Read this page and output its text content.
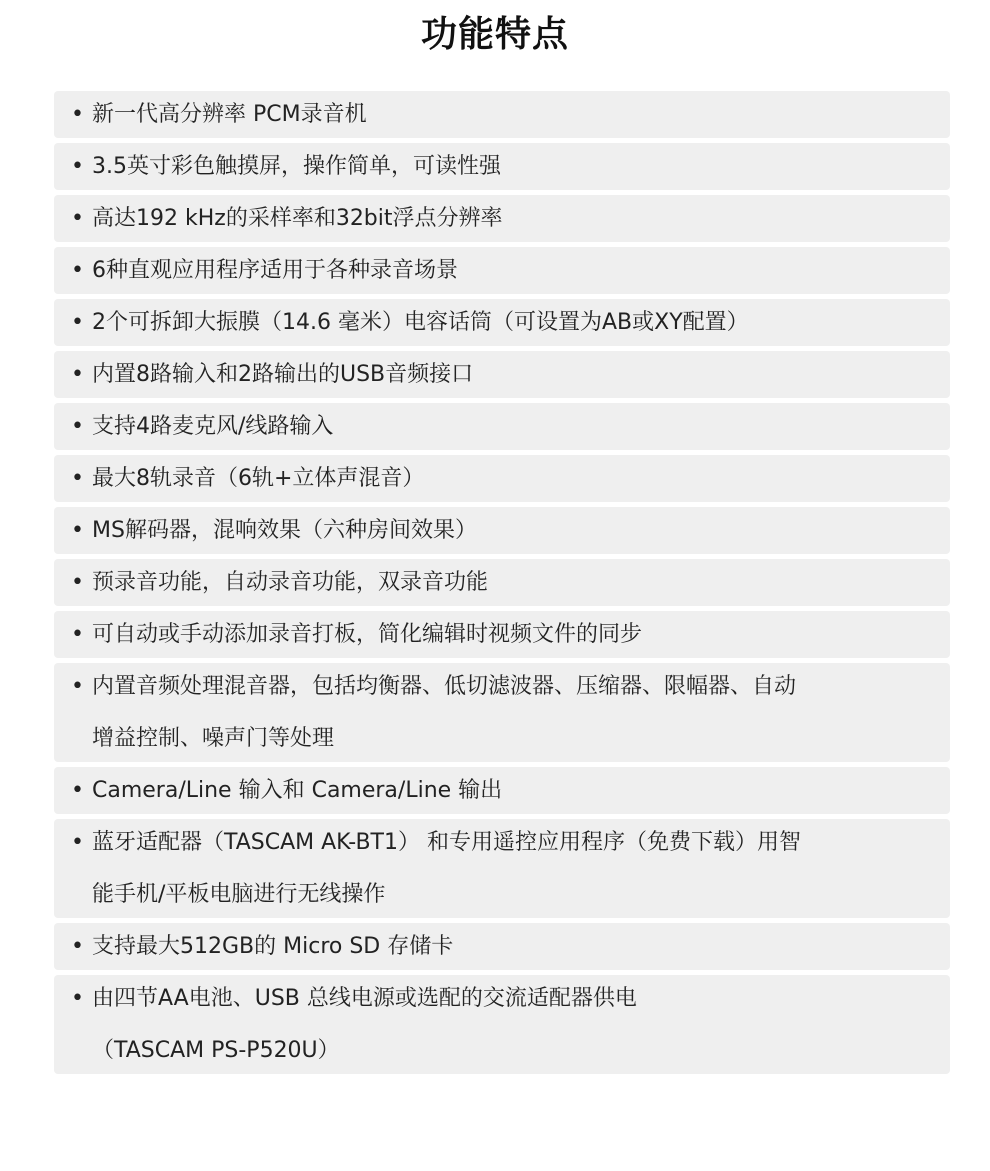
功能特点
• 新一代高分辨率 PCM录音机
• 3.5英寸彩色触摸屏，操作简单，可读性强
• 高达192 kHz的采样率和32bit浮点分辨率
• 6种直观应用程序适用于各种录音场景
• 2个可拆卸大振膜（14.6 毫米）电容话筒（可设置为AB或XY配置）
• 内置8路输入和2路输出的USB音频接口
• 支持4路麦克风/线路输入
• 最大8轨录音（6轨+立体声混音）
• MS解码器，混响效果（六种房间效果）
• 预录音功能，自动录音功能，双录音功能
• 可自动或手动添加录音打板，简化编辑时视频文件的同步
• 内置音频处理混音器，包括均衡器、低切滤波器、压缩器、限幅器、自动
增益控制、噪声门等处理
• Camera/Line 输入和 Camera/Line 输出
• 蓝牙适配器（TASCAM AK-BT1） 和专用遥控应用程序（免费下载）用智
能手机/平板电脑进行无线操作
• 支持最大512GB的 Micro SD 存储卡
• 由四节AA电池、USB 总线电源或选配的交流适配器供电
（TASCAM PS-P520U）
